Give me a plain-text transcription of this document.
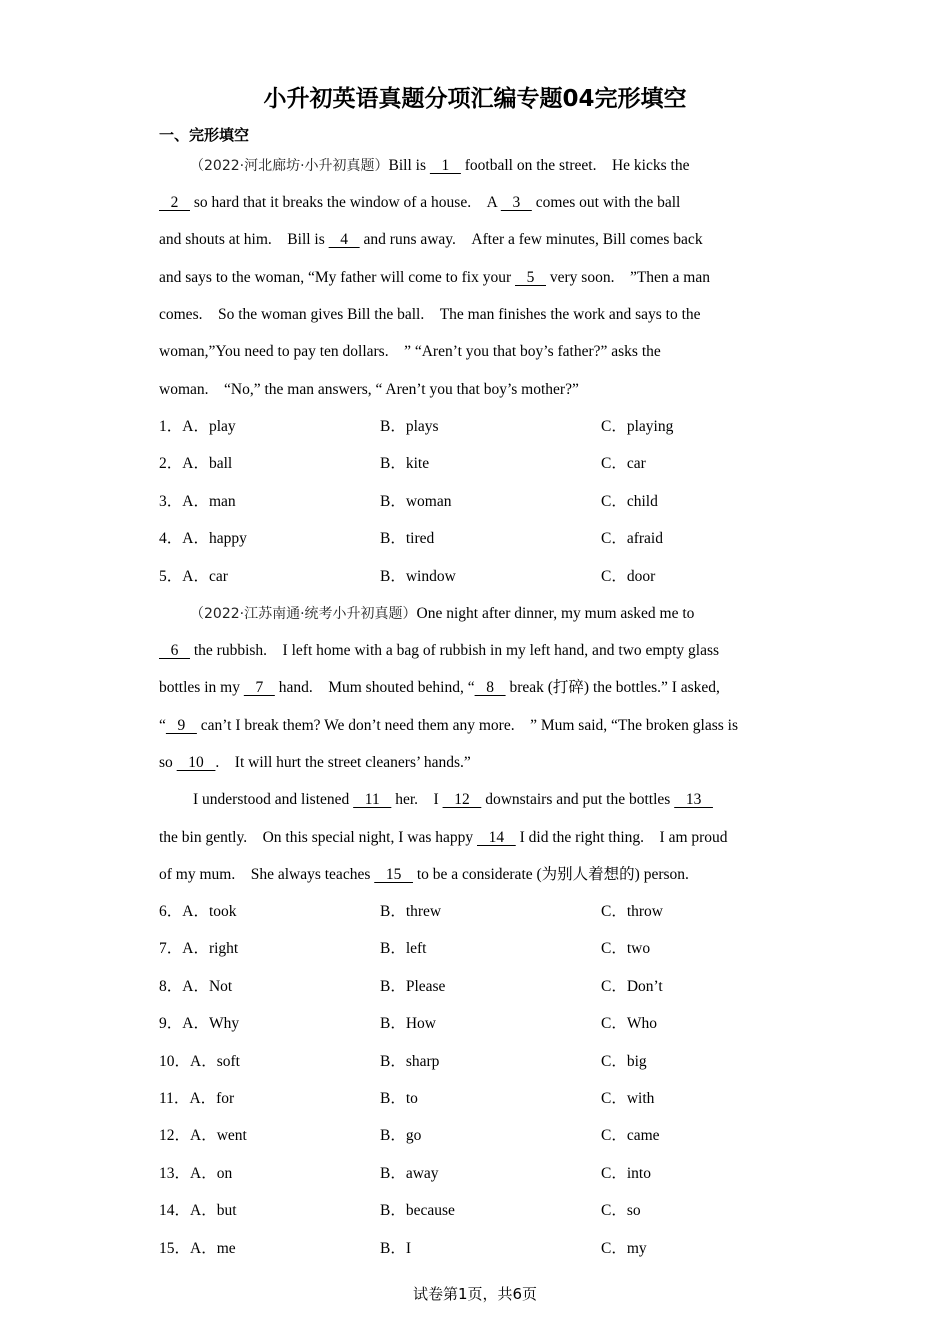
小升初英语真题分项汇编专题04完形填空
一、完形填空
（2022·河北廊坊·小升初真题）Bill is    1    football on the street.　He kicks the
2    so hard that it breaks the window of a house.　A    3    comes out with the ball
and shouts at him.　Bill is    4    and runs away.　After a few minutes, Bill comes back
and says to the woman, “My father will come to fix your    5    very soon.　”Then a man
comes.　So the woman gives Bill the ball.　The man finishes the work and says to the
woman,”You need to pay ten dollars.　” “Aren’t you that boy’s father?” asks the
woman.　“No,” the man answers, “ Aren’t you that boy’s mother?”
1．A．play	B．plays	C．playing
2．A．ball	B．kite	C．car
3．A．man	B．woman	C．child
4．A．happy	B．tired	C．afraid
5．A．car	B．window	C．door
（2022·江苏南通·统考小升初真题）One night after dinner, my mum asked me to
6    the rubbish.　I left home with a bag of rubbish in my left hand, and two empty glass
bottles in my    7    hand.　Mum shouted behind, “   8    break (打碎) the bottles.” I asked,
“   9    can’t I break them? We don’t need them any more.　” Mum said, “The broken glass is
so    10   .　It will hurt the street cleaners’ hands.”
I understood and listened    11    her.　I    12    downstairs and put the bottles    13
the bin gently.　On this special night, I was happy    14    I did the right thing.　I am proud
of my mum.　She always teaches    15    to be a considerate (为别人着想的) person.
6．A．took	B．threw	C．throw
7．A．right	B．left	C．two
8．A．Not	B．Please	C．Don’t
9．A．Why	B．How	C．Who
10．A．soft	B．sharp	C．big
11．A．for	B．to	C．with
12．A．went	B．go	C．came
13．A．on	B．away	C．into
14．A．but	B．because	C．so
15．A．me	B．I	C．my
试卷第1页，共6页
